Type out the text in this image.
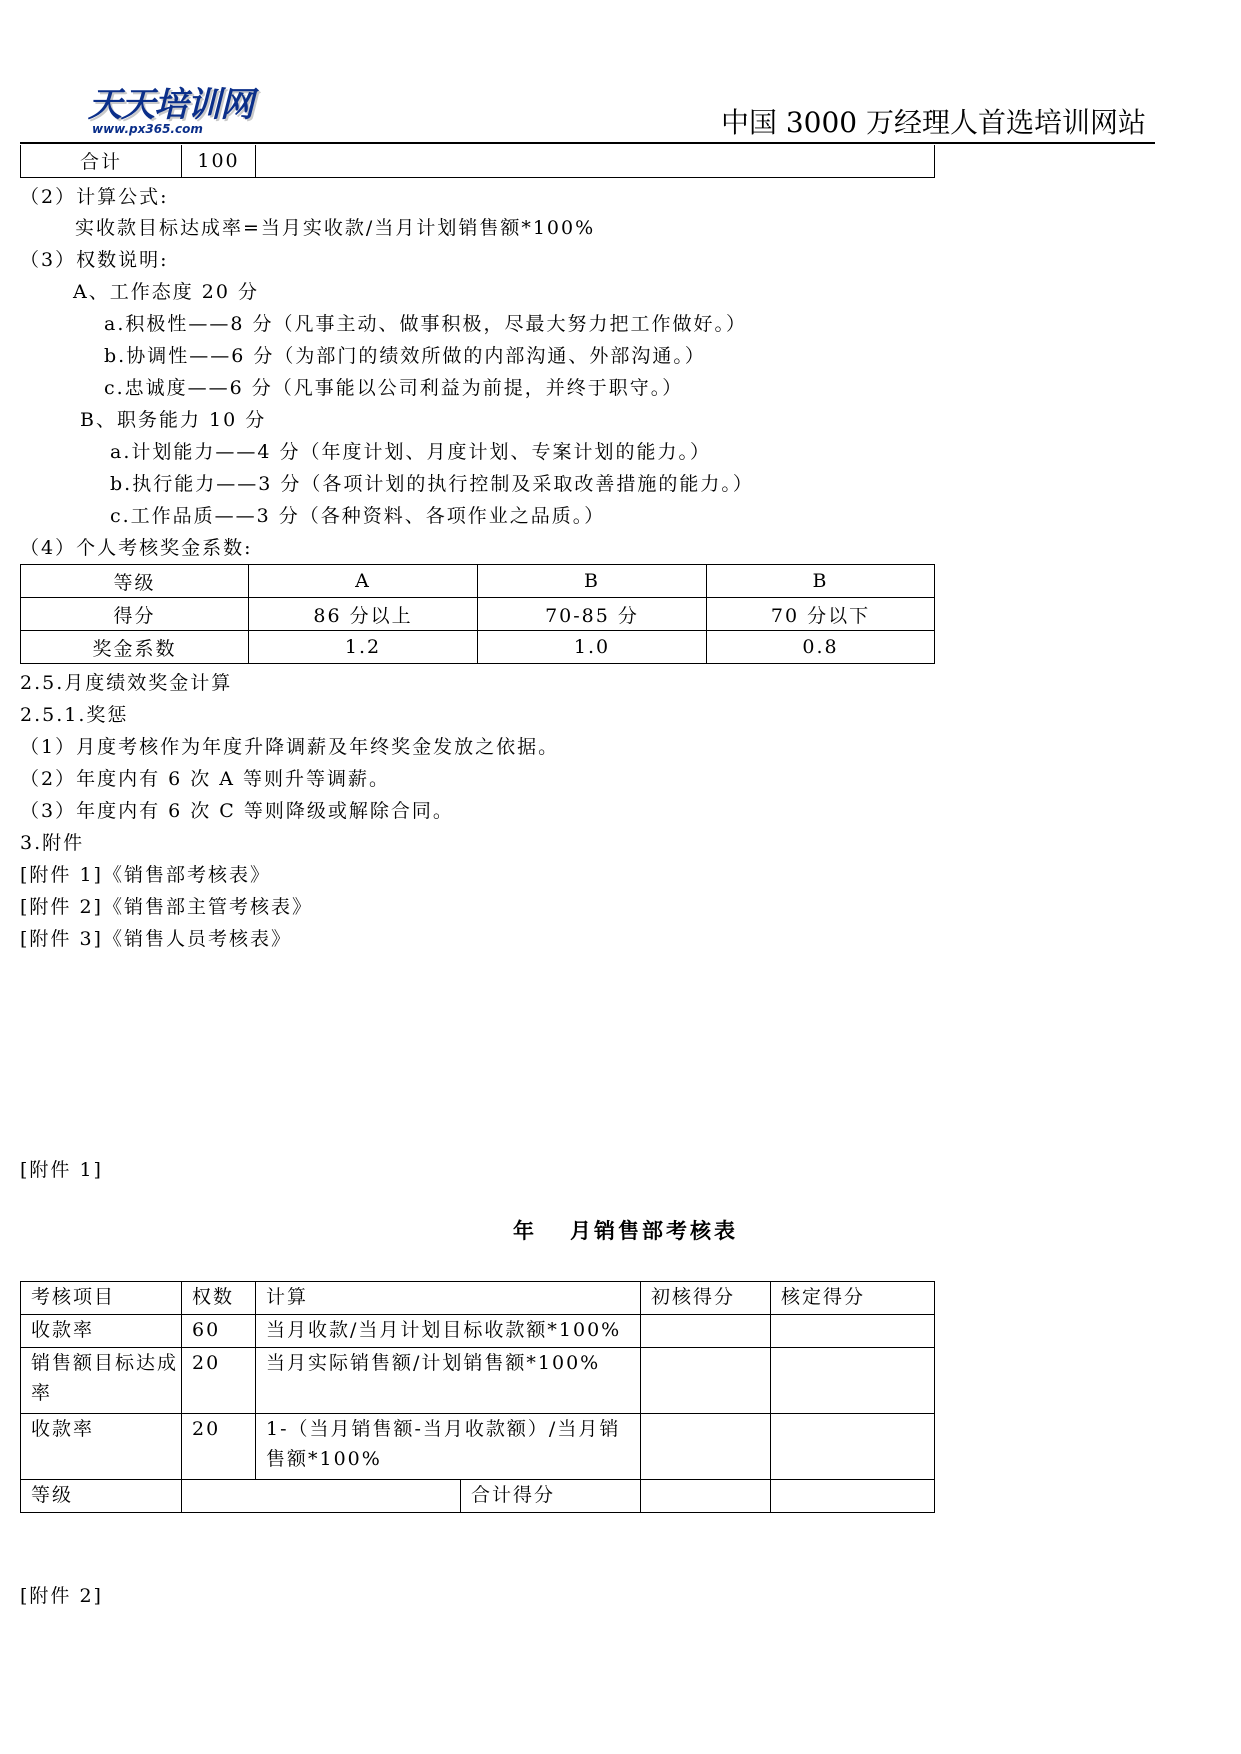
天天培训网
www.px365.com	中国 3000 万经理人首选培训网站
合计	100	
（2）计算公式:
实收款目标达成率=当月实收款/当月计划销售额*100%
（3）权数说明:
A、工作态度 20 分
a.积极性——8 分（凡事主动、做事积极，尽最大努力把工作做好。）
b.协调性——6 分（为部门的绩效所做的内部沟通、外部沟通。）
c.忠诚度——6 分（凡事能以公司利益为前提，并终于职守。）
B、职务能力 10 分
a.计划能力——4 分（年度计划、月度计划、专案计划的能力。）
b.执行能力——3 分（各项计划的执行控制及采取改善措施的能力。）
c.工作品质——3 分（各种资料、各项作业之品质。）
（4）个人考核奖金系数:
等级	A	B	B
得分	86 分以上	70-85 分	70 分以下
奖金系数	1.2	1.0	0.8
2.5.月度绩效奖金计算
2.5.1.奖惩
（1）月度考核作为年度升降调薪及年终奖金发放之依据。
（2）年度内有 6 次 A 等则升等调薪。
（3）年度内有 6 次 C 等则降级或解除合同。
3.附件
[附件 1]《销售部考核表》
[附件 2]《销售部主管考核表》
[附件 3]《销售人员考核表》
[附件 1]
年 月销售部考核表
考核项目	权数	计算		初核得分	核定得分
收款率	60	当月收款/当月计划目标收款额*100%			
销售额目标达成率	20	当月实际销售额/计划销售额*100%			
收款率	20	1-（当月销售额-当月收款额）/当月销售额*100%			
等级			合计得分		
[附件 2]
